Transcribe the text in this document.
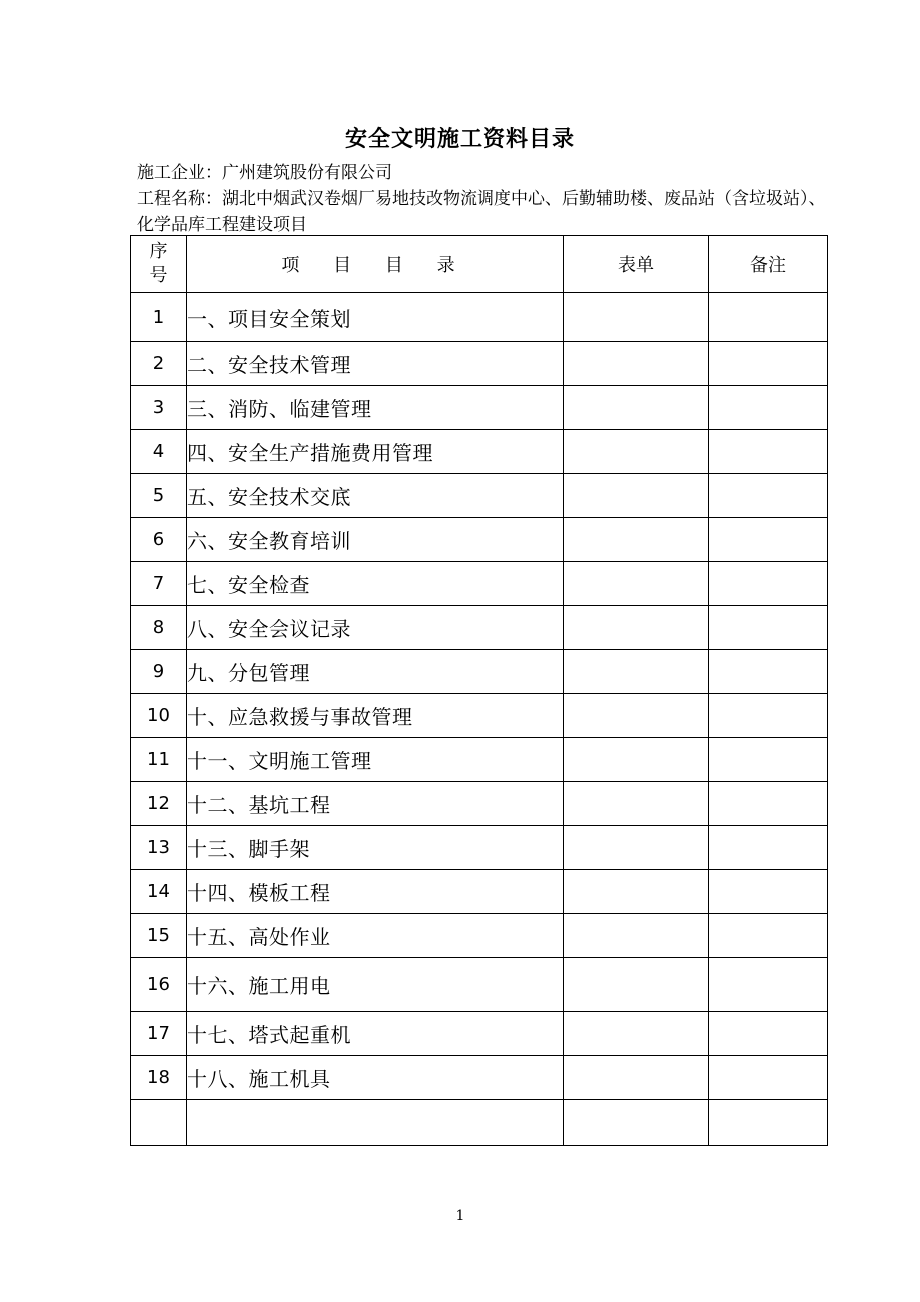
安全文明施工资料目录
施工企业：广州建筑股份有限公司
工程名称：湖北中烟武汉卷烟厂易地技改物流调度中心、后勤辅助楼、废品站（含垃圾站）、化学品库工程建设项目
序
号	项 目 目 录	表单	备注
1	一、项目安全策划		
2	二、安全技术管理		
3	三、消防、临建管理		
4	四、安全生产措施费用管理		
5	五、安全技术交底		
6	六、安全教育培训		
7	七、安全检查		
8	八、安全会议记录		
9	九、分包管理		
10	十、应急救援与事故管理		
11	十一、文明施工管理		
12	十二、基坑工程		
13	十三、脚手架		
14	十四、模板工程		
15	十五、高处作业		
16	十六、施工用电		
17	十七、塔式起重机		
18	十八、施工机具		

1
